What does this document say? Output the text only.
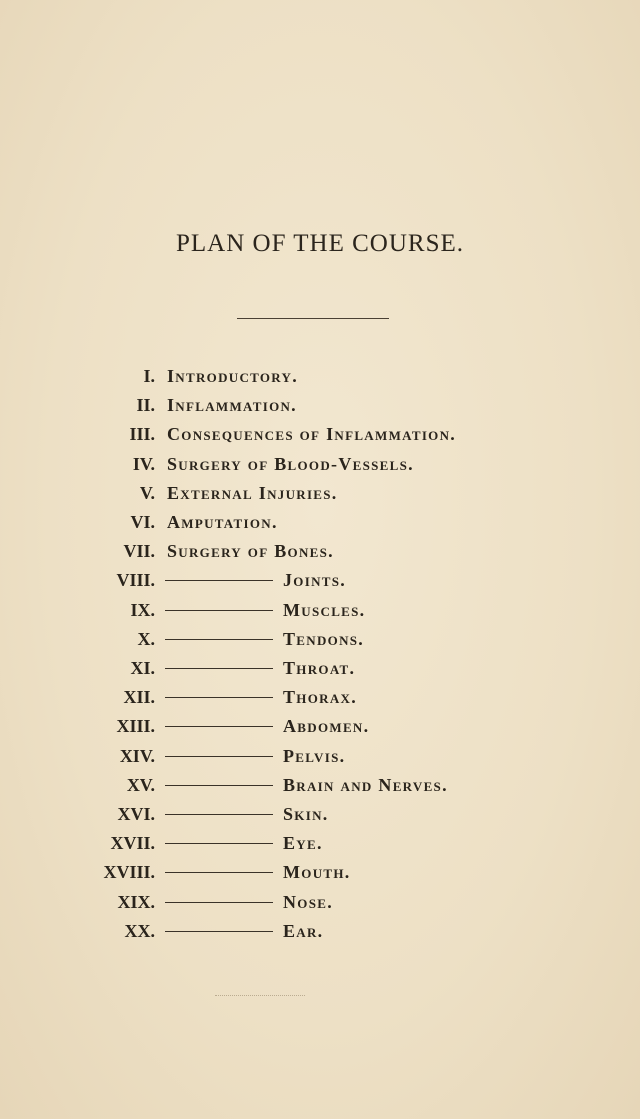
PLAN OF THE COURSE.
I. Introductory.
II. Inflammation.
III. Consequences of Inflammation.
IV. Surgery of Blood-Vessels.
V. External Injuries.
VI. Amputation.
VII. Surgery of Bones.
VIII.	Joints.
IX.	Muscles.
X.	Tendons.
XI.	Throat.
XII.	Thorax.
XIII.	Abdomen.
XIV.	Pelvis.
XV.	Brain and Nerves.
XVI.	Skin.
XVII.	Eye.
XVIII.	Mouth.
XIX.	Nose.
XX.	Ear.
